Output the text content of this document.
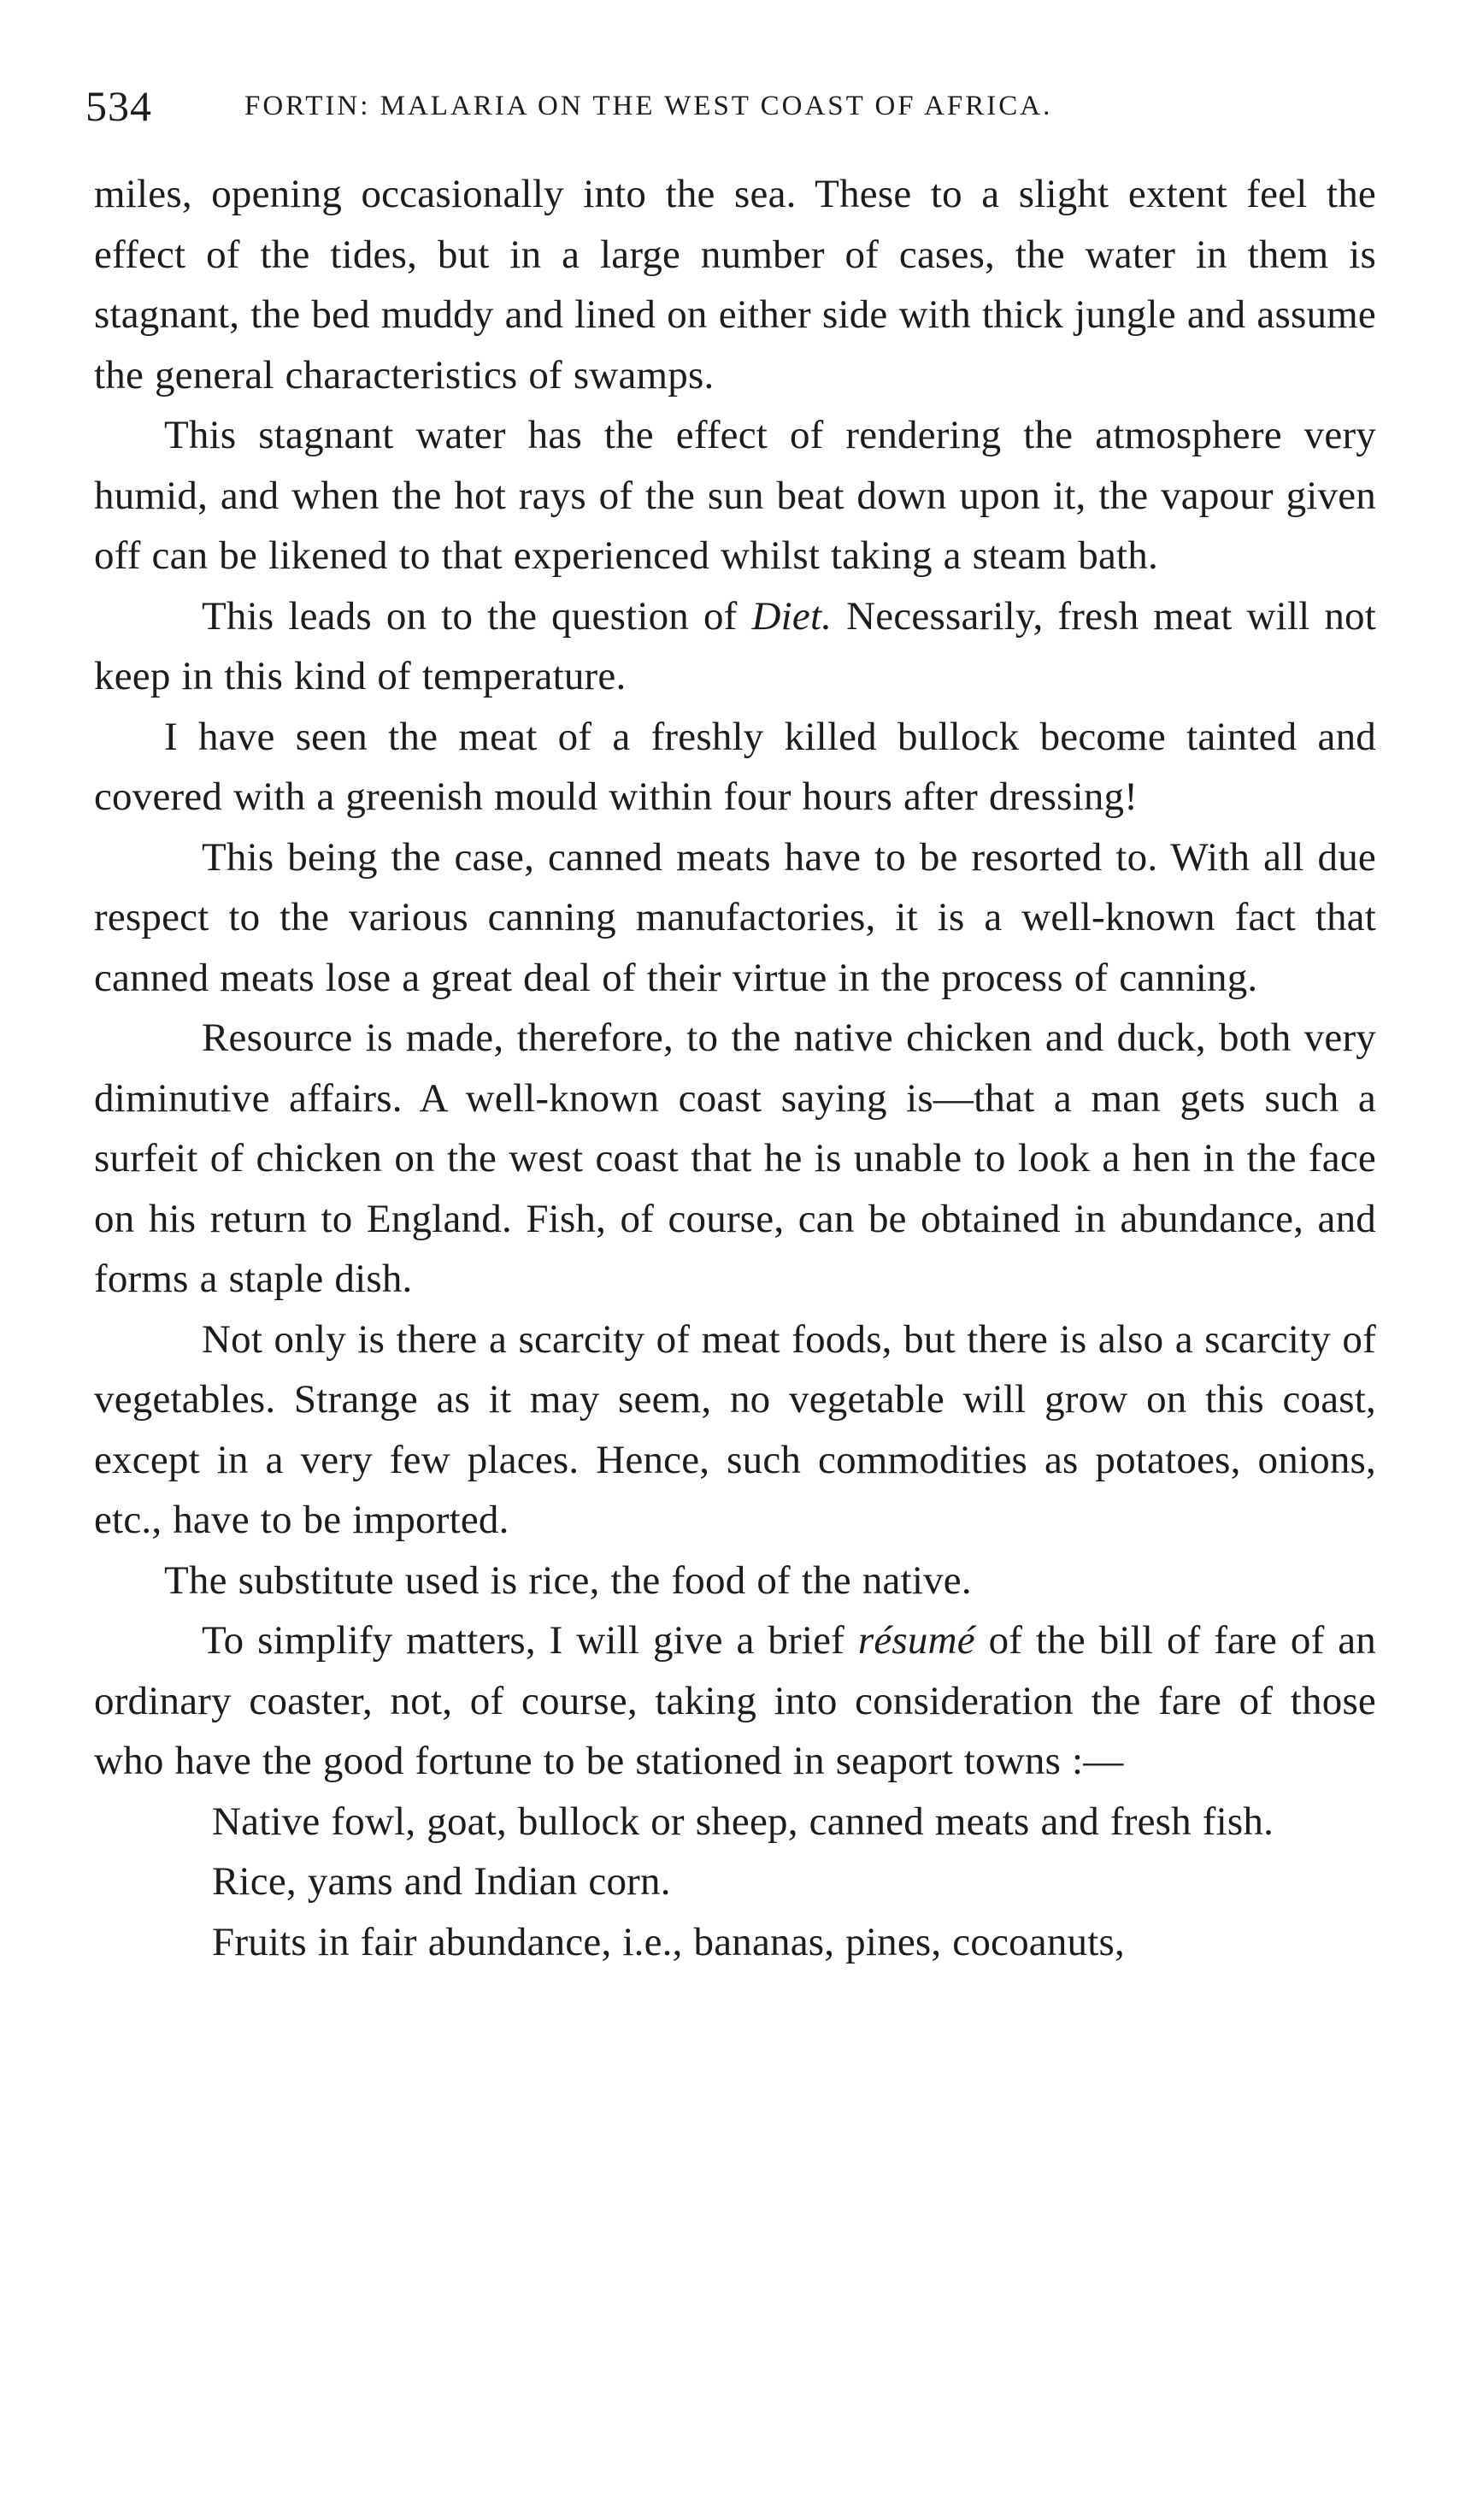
534	FORTIN: MALARIA ON THE WEST COAST OF AFRICA.

miles, opening occasionally into the sea. These to a slight extent feel the effect of the tides, but in a large number of cases, the water in them is stagnant, the bed muddy and lined on either side with thick jungle and assume the general characteristics of swamps.

This stagnant water has the effect of rendering the atmosphere very humid, and when the hot rays of the sun beat down upon it, the vapour given off can be likened to that experienced whilst taking a steam bath.

This leads on to the question of Diet. Necessarily, fresh meat will not keep in this kind of temperature.

I have seen the meat of a freshly killed bullock become tainted and covered with a greenish mould within four hours after dressing!

This being the case, canned meats have to be resorted to. With all due respect to the various canning manufactories, it is a well-known fact that canned meats lose a great deal of their virtue in the process of canning.

Resource is made, therefore, to the native chicken and duck, both very diminutive affairs. A well-known coast saying is—that a man gets such a surfeit of chicken on the west coast that he is unable to look a hen in the face on his return to England. Fish, of course, can be obtained in abundance, and forms a staple dish.

Not only is there a scarcity of meat foods, but there is also a scarcity of vegetables. Strange as it may seem, no vegetable will grow on this coast, except in a very few places. Hence, such commodities as potatoes, onions, etc., have to be imported.

The substitute used is rice, the food of the native.

To simplify matters, I will give a brief résumé of the bill of fare of an ordinary coaster, not, of course, taking into consideration the fare of those who have the good fortune to be stationed in seaport towns :—

Native fowl, goat, bullock or sheep, canned meats and fresh fish.

Rice, yams and Indian corn.

Fruits in fair abundance, i.e., bananas, pines, cocoanuts,
